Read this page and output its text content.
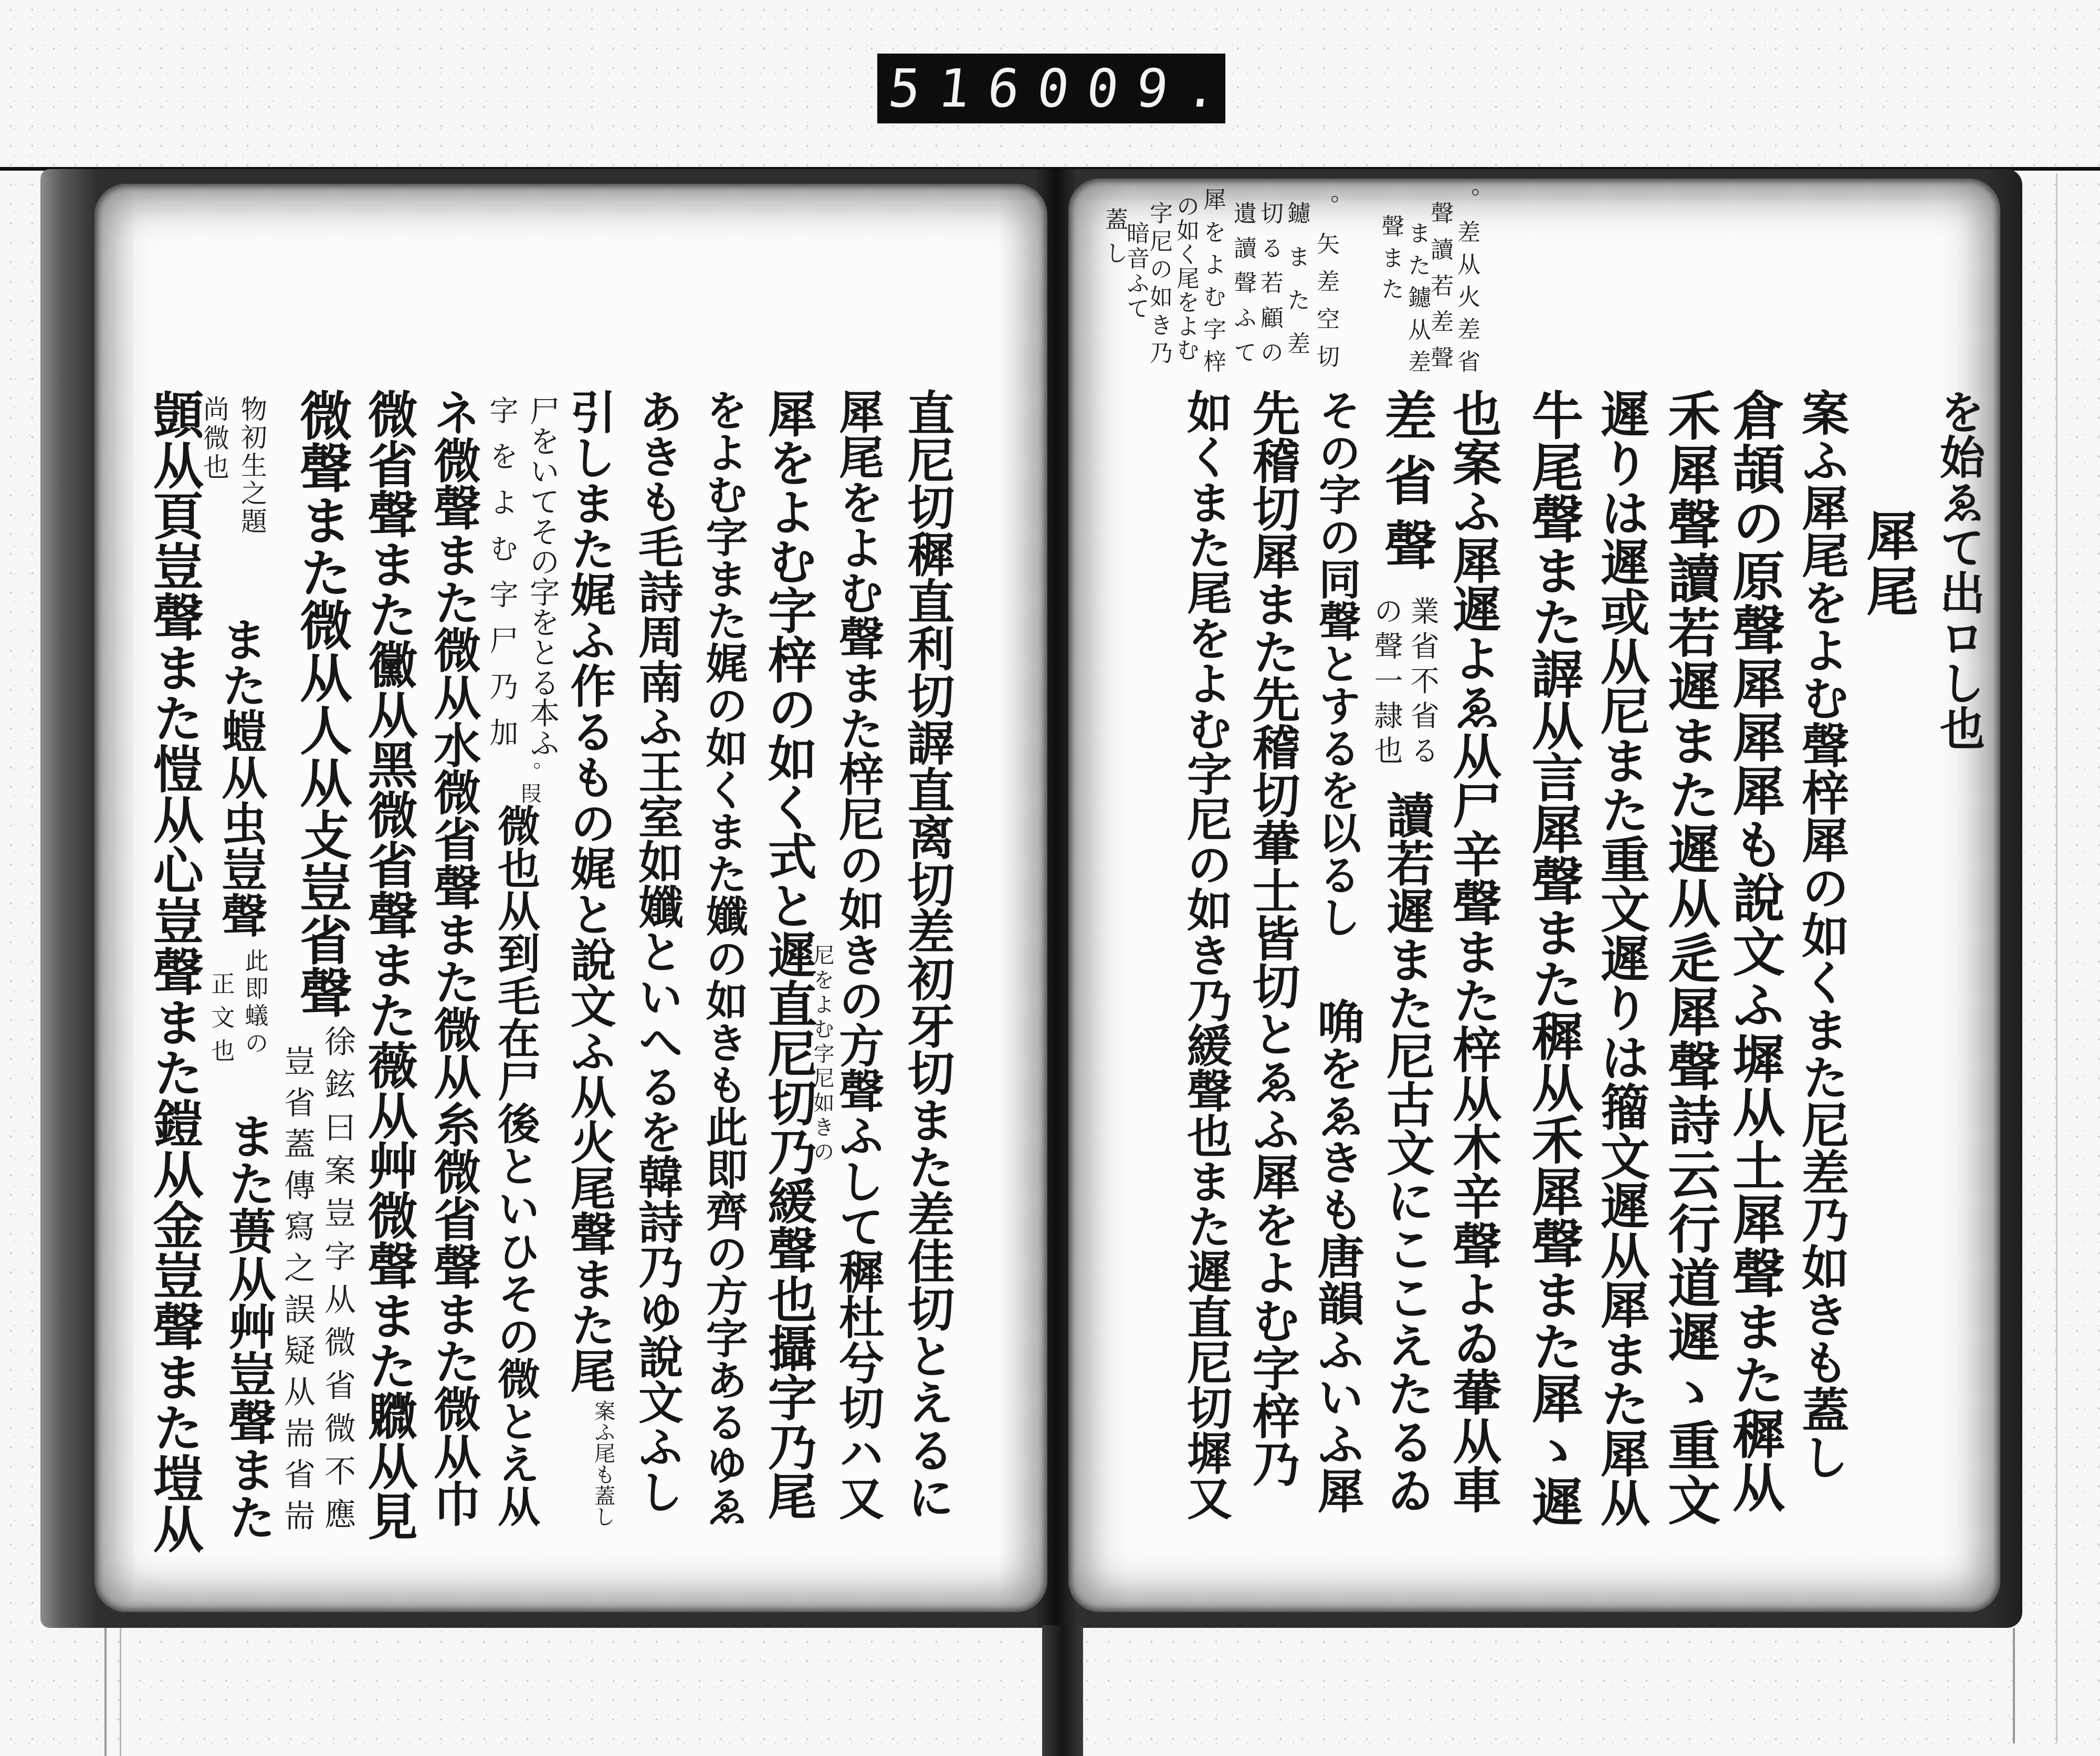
516
009.
直尼切穉直利切謘直离切差初牙切また差佳切とえるに
犀尾をよむ聲また梓尼の如きの方聲ふして穉杜兮切ハ又
尼をよむ字尼如きの
犀をよむ字梓の如く式と遲直尼切乃緩聲也攝字乃尾
をよむ字また娓の如くまた孅の如きも此即齊の方字あるゆゑ
あきも毛詩周南ふ王室如孅といへるを韓詩乃ゆ說文ふし
引しまた娓ふ作るもの娓と說文ふ从火尾聲また尾
案ふ尾も蓋し
尸をいてその字をとる本ふ
字をよむ字尸乃加
。叚
微也从到毛在尸後といひその微とえ从
ネ微聲また微从水微省聲また微从糸微省聲また微从巾
微省聲また黴从黑微省聲また薇从艸微聲また覹从見
微聲また微从人从攴豈省聲
徐鉉曰案豈字从微省微不應
豈省蓋傳寫之誤疑从耑省耑
物初生之題
尚微也
また螘从虫豈聲
此即蟻の
正文也
また蒉从艸豈聲また
顗从頁豈聲また愷从心豈聲また鎧从金豈聲また塏从
。差从火差省
聲讀若差聲
また鑢从差
聲また
。矢差空切
鑢また差
切る若顧の
遺讀聲ふて
犀をよむ字梓
の如く尾をよむ
字尼の如き乃
暗音ふて
蓋し
を始ゑて出ロし也
犀尾
案ふ犀尾をよむ聲梓犀の如くまた尼差乃如きも蓋し
倉頡の原聲犀犀犀も說文ふ墀从土犀聲また穉从
禾犀聲讀若遲また遲从辵犀聲詩云行道遲ゝ重文
遲りは遲或从尼また重文遲りは籀文遲从犀また犀从
牛尾聲また謘从言犀聲また穉从禾犀聲また犀ゝ遲
也案ふ犀遲よゑ从尸辛聲また梓从木辛聲よゐ輂从車
差省聲
業省不省る
の聲一隷也
讀若遲また尼古文にここえたるゐ
その字の同聲とするを以るし
唃をゑきも唐韻ふいふ犀
先稽切犀また先稽切輂士皆切とゑふ犀をよむ字梓乃
如くまた尾をよむ字尼の如き乃緩聲也また遲直尼切墀又
